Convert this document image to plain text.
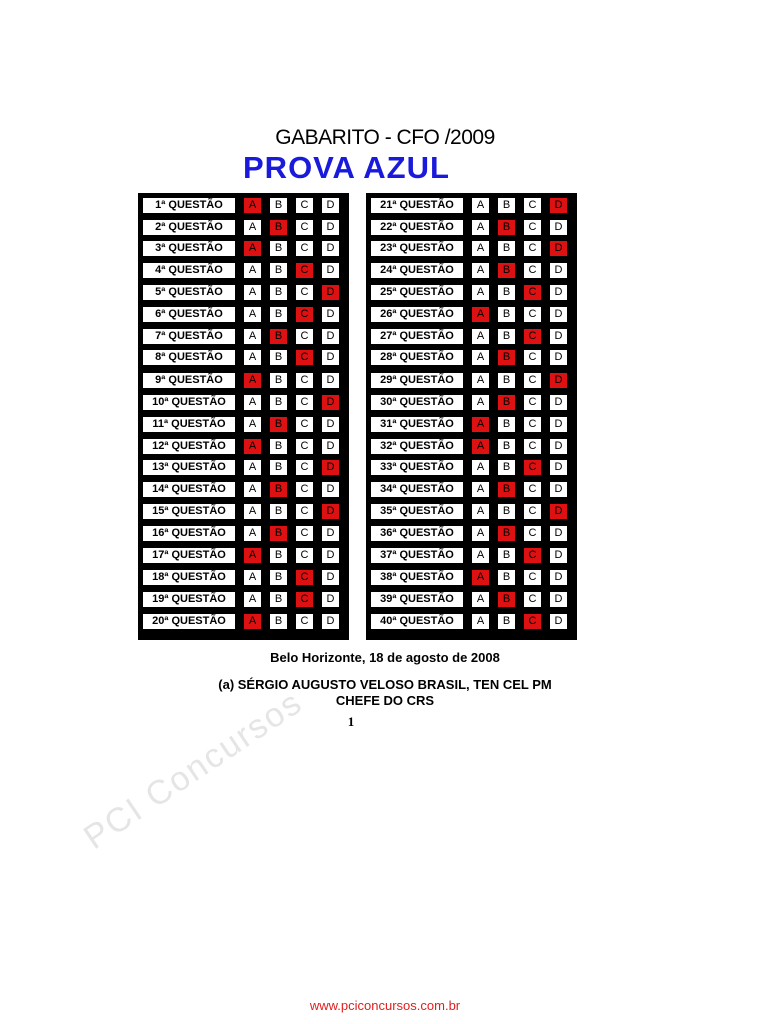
GABARITO - CFO /2009
PROVA AZUL
1ª QUESTÃO	A	B	C	D
2ª QUESTÃO	A	B	C	D
3ª QUESTÃO	A	B	C	D
4ª QUESTÃO	A	B	C	D
5ª QUESTÃO	A	B	C	D
6ª QUESTÃO	A	B	C	D
7ª QUESTÃO	A	B	C	D
8ª QUESTÃO	A	B	C	D
9ª QUESTÃO	A	B	C	D
10ª QUESTÃO	A	B	C	D
11ª QUESTÃO	A	B	C	D
12ª QUESTÃO	A	B	C	D
13ª QUESTÃO	A	B	C	D
14ª QUESTÃO	A	B	C	D
15ª QUESTÃO	A	B	C	D
16ª QUESTÃO	A	B	C	D
17ª QUESTÃO	A	B	C	D
18ª QUESTÃO	A	B	C	D
19ª QUESTÃO	A	B	C	D
20ª QUESTÃO	A	B	C	D
21ª QUESTÃO	A	B	C	D
22ª QUESTÃO	A	B	C	D
23ª QUESTÃO	A	B	C	D
24ª QUESTÃO	A	B	C	D
25ª QUESTÃO	A	B	C	D
26ª QUESTÃO	A	B	C	D
27ª QUESTÃO	A	B	C	D
28ª QUESTÃO	A	B	C	D
29ª QUESTÃO	A	B	C	D
30ª QUESTÃO	A	B	C	D
31ª QUESTÃO	A	B	C	D
32ª QUESTÃO	A	B	C	D
33ª QUESTÃO	A	B	C	D
34ª QUESTÃO	A	B	C	D
35ª QUESTÃO	A	B	C	D
36ª QUESTÃO	A	B	C	D
37ª QUESTÃO	A	B	C	D
38ª QUESTÃO	A	B	C	D
39ª QUESTÃO	A	B	C	D
40ª QUESTÃO	A	B	C	D
Belo Horizonte, 18 de agosto de 2008
(a) SÉRGIO AUGUSTO VELOSO BRASIL, TEN CEL PM
CHEFE DO CRS
1
PCI Concursos
www.pciconcursos.com.br
